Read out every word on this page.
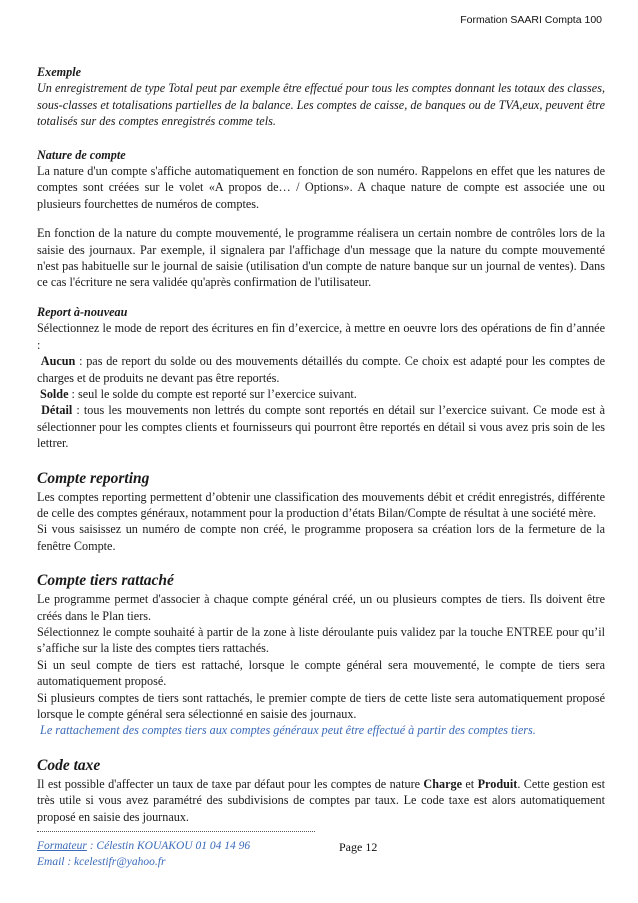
Formation SAARI Compta 100

Exemple

Un enregistrement de type Total peut par exemple être effectué pour tous les comptes donnant les totaux des classes, sous-classes et totalisations partielles de la balance. Les comptes de caisse, de banques ou de TVA,eux, peuvent être totalisés sur des comptes enregistrés comme tels.

Nature de compte

La nature d'un compte s'affiche automatiquement en fonction de son numéro. Rappelons en effet que les natures de comptes sont créées sur le volet «A propos de… / Options». A chaque nature de compte est associée une ou plusieurs fourchettes de numéros de comptes.

En fonction de la nature du compte mouvementé, le programme réalisera un certain nombre de contrôles lors de la saisie des journaux. Par exemple, il signalera par l'affichage d'un message que la nature du compte mouvementé n'est pas habituelle sur le journal de saisie (utilisation d'un compte de nature banque sur un journal de ventes). Dans ce cas l'écriture ne sera validée qu'après confirmation de l'utilisateur.

Report à-nouveau

Sélectionnez le mode de report des écritures en fin d’exercice, à mettre en oeuvre lors des opérations de fin d’année :

Aucun : pas de report du solde ou des mouvements détaillés du compte. Ce choix est adapté pour les comptes de charges et de produits ne devant pas être reportés.

Solde : seul le solde du compte est reporté sur l’exercice suivant.

Détail : tous les mouvements non lettrés du compte sont reportés en détail sur l’exercice suivant. Ce mode est à sélectionner pour les comptes clients et fournisseurs qui pourront être reportés en détail si vous avez pris soin de les lettrer.

Compte reporting

Les comptes reporting permettent d’obtenir une classification des mouvements débit et crédit enregistrés, différente de celle des comptes généraux, notamment pour la production d’états Bilan/Compte de résultat à une société mère.

Si vous saisissez un numéro de compte non créé, le programme proposera sa création lors de la fermeture de la fenêtre Compte.

Compte tiers rattaché

Le programme permet d'associer à chaque compte général créé, un ou plusieurs comptes de tiers. Ils doivent être créés dans le Plan tiers.

Sélectionnez le compte souhaité à partir de la zone à liste déroulante puis validez par la touche ENTREE pour qu’il s’affiche sur la liste des comptes tiers rattachés.

Si un seul compte de tiers est rattaché, lorsque le compte général sera mouvementé, le compte de tiers sera automatiquement proposé.

Si plusieurs comptes de tiers sont rattachés, le premier compte de tiers de cette liste sera automatiquement proposé lorsque le compte général sera sélectionné en saisie des journaux.

Le rattachement des comptes tiers aux comptes généraux peut être effectué à partir des comptes tiers.

Code taxe

Il est possible d'affecter un taux de taxe par défaut pour les comptes de nature Charge et Produit. Cette gestion est très utile si vous avez paramétré des subdivisions de comptes par taux. Le code taxe est alors automatiquement proposé en saisie des journaux.

Formateur : Célestin KOUAKOU 01 04 14 96
Email : kcelestifr@yahoo.fr
Page 12
